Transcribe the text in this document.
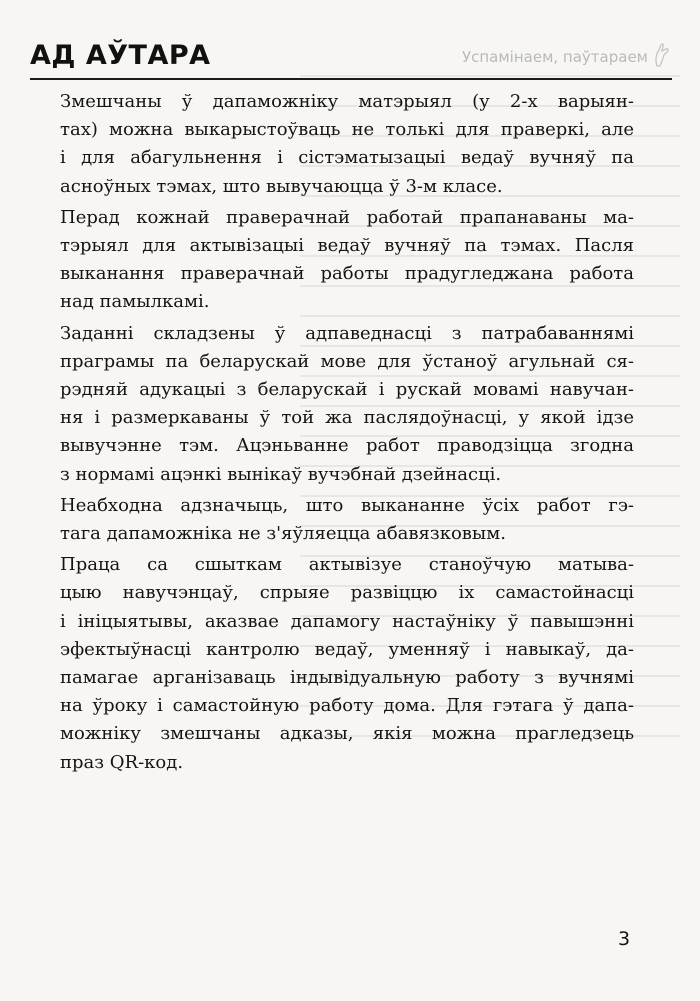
АД АЎТАРА	Успамінаем, паўтараем
Змешчаны ў дапаможніку матэрыял (у 2-х варыян-
тах) можна выкарыстоўваць не толькі для праверкі, але
і для абагульнення і сістэматызацыі ведаў вучняў па
асноўных тэмах, што вывучаюцца ў 3-м класе.
Перад кожнай праверачнай работай прапанаваны ма-
тэрыял для актывізацыі ведаў вучняў па тэмах. Пасля
выканання праверачнай работы прадугледжана работа
над памылкамі.
Заданні складзены ў адпаведнасці з патрабаваннямі
праграмы па беларускай мове для ўстаноў агульнай ся-
рэдняй адукацыі з беларускай і рускай мовамі навучан-
ня і размеркаваны ў той жа паслядоўнасці, у якой ідзе
вывучэнне тэм. Ацэньванне работ праводзіцца згодна
з нормамі ацэнкі вынікаў вучэбнай дзейнасці.
Неабходна адзначыць, што выкананне ўсіх работ гэ-
тага дапаможніка не з'яўляецца абавязковым.
Праца са сшыткам актывізуе станоўчую матыва-
цыю навучэнцаў, спрыяе развіццю іх самастойнасці
і ініцыятывы, аказвае дапамогу настаўніку ў павышэнні
эфектыўнасці кантролю ведаў, уменняў і навыкаў, да-
памагае арганізаваць індывідуальную работу з вучнямі
на ўроку і самастойную работу дома. Для гэтага ў дапа-
можніку змешчаны адказы, якія можна прагледзець
праз QR-код.
3
